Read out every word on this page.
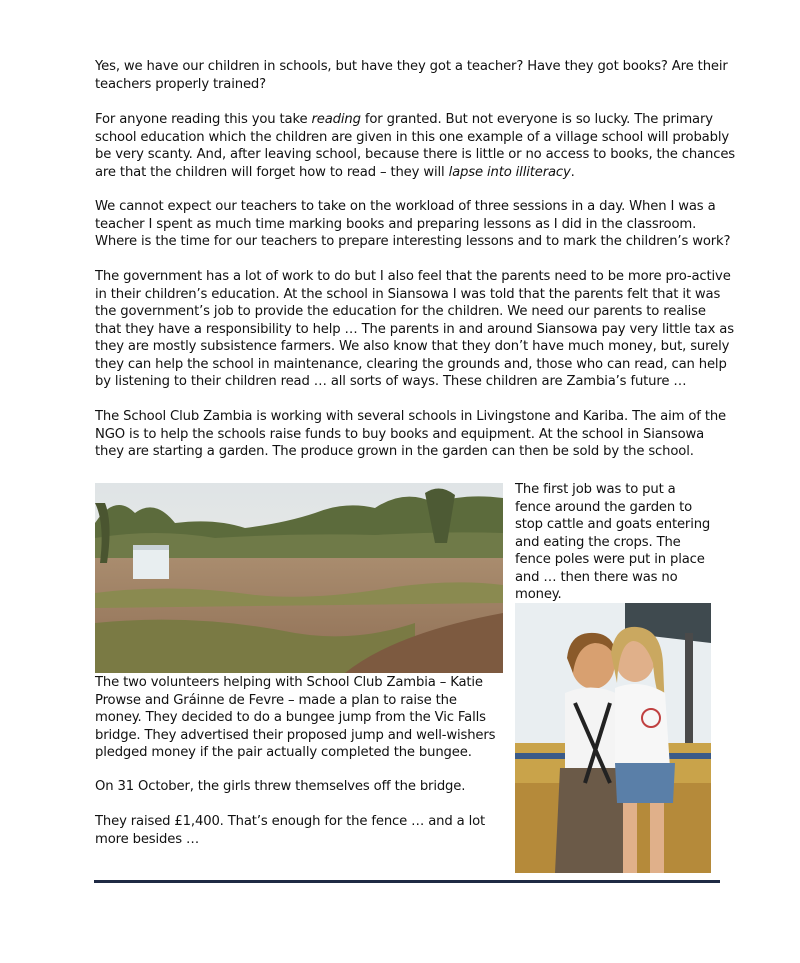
Yes, we have our children in schools, but have they got a teacher? Have they got books? Are their teachers properly trained?

For anyone reading this you take reading for granted. But not everyone is so lucky. The primary school education which the children are given in this one example of a village school will probably be very scanty. And, after leaving school, because there is little or no access to books, the chances are that the children will forget how to read – they will lapse into illiteracy.

We cannot expect our teachers to take on the workload of three sessions in a day. When I was a teacher I spent as much time marking books and preparing lessons as I did in the classroom. Where is the time for our teachers to prepare interesting lessons and to mark the children’s work?

The government has a lot of work to do but I also feel that the parents need to be more pro-active in their children’s education. At the school in Siansowa I was told that the parents felt that it was the government’s job to provide the education for the children. We need our parents to realise that they have a responsibility to help … The parents in and around Siansowa pay very little tax as they are mostly subsistence farmers. We also know that they don’t have much money, but, surely they can help the school in maintenance, clearing the grounds and, those who can read, can help by listening to their children read … all sorts of ways. These children are Zambia’s future …

The School Club Zambia is working with several schools in Livingstone and Kariba. The aim of the NGO is to help the schools raise funds to buy books and equipment. At the school in Siansowa they are starting a garden. The produce grown in the garden can then be sold by the school.

The first job was to put a fence around the garden to stop cattle and goats entering and eating the crops. The fence poles were put in place and … then there was no money.

The two volunteers helping with School Club Zambia – Katie Prowse and Gráinne de Fevre – made a plan to raise the money. They decided to do a bungee jump from the Vic Falls bridge. They advertised their proposed jump and well-wishers pledged money if the pair actually completed the bungee.

On 31 October, the girls threw themselves off the bridge.

They raised £1,400. That’s enough for the fence … and a lot more besides …
